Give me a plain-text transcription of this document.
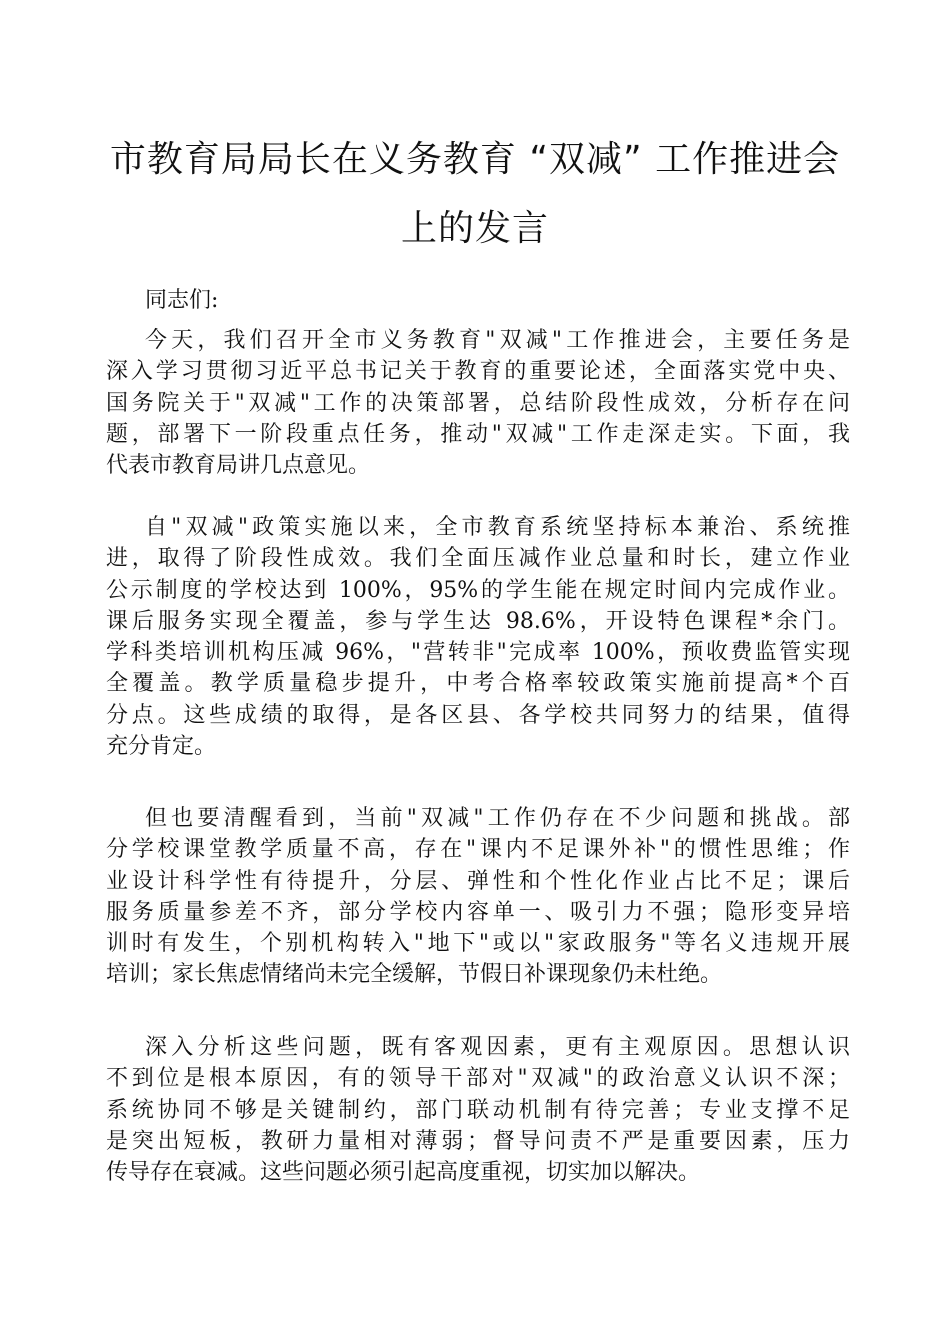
市教育局局长在义务教育 “双减” 工作推进会
上的发言
同志们:
今天，我们召开全市义务教育"双减"工作推进会，主要任务是
深入学习贯彻习近平总书记关于教育的重要论述，全面落实党中央、
国务院关于"双减"工作的决策部署，总结阶段性成效，分析存在问
题，部署下一阶段重点任务，推动"双减"工作走深走实。下面，我
代表市教育局讲几点意见。
自"双减"政策实施以来，全市教育系统坚持标本兼治、系统推
进，取得了阶段性成效。我们全面压减作业总量和时长，建立作业
公示制度的学校达到 100%，95%的学生能在规定时间内完成作业。
课后服务实现全覆盖，参与学生达 98.6%，开设特色课程*余门。
学科类培训机构压减 96%，"营转非"完成率 100%，预收费监管实现
全覆盖。教学质量稳步提升，中考合格率较政策实施前提高*个百
分点。这些成绩的取得，是各区县、各学校共同努力的结果，值得
充分肯定。
但也要清醒看到，当前"双减"工作仍存在不少问题和挑战。部
分学校课堂教学质量不高，存在"课内不足课外补"的惯性思维；作
业设计科学性有待提升，分层、弹性和个性化作业占比不足；课后
服务质量参差不齐，部分学校内容单一、吸引力不强；隐形变异培
训时有发生，个别机构转入"地下"或以"家政服务"等名义违规开展
培训；家长焦虑情绪尚未完全缓解，节假日补课现象仍未杜绝。
深入分析这些问题，既有客观因素，更有主观原因。思想认识
不到位是根本原因，有的领导干部对"双减"的政治意义认识不深；
系统协同不够是关键制约，部门联动机制有待完善；专业支撑不足
是突出短板，教研力量相对薄弱；督导问责不严是重要因素，压力
传导存在衰减。这些问题必须引起高度重视，切实加以解决。
